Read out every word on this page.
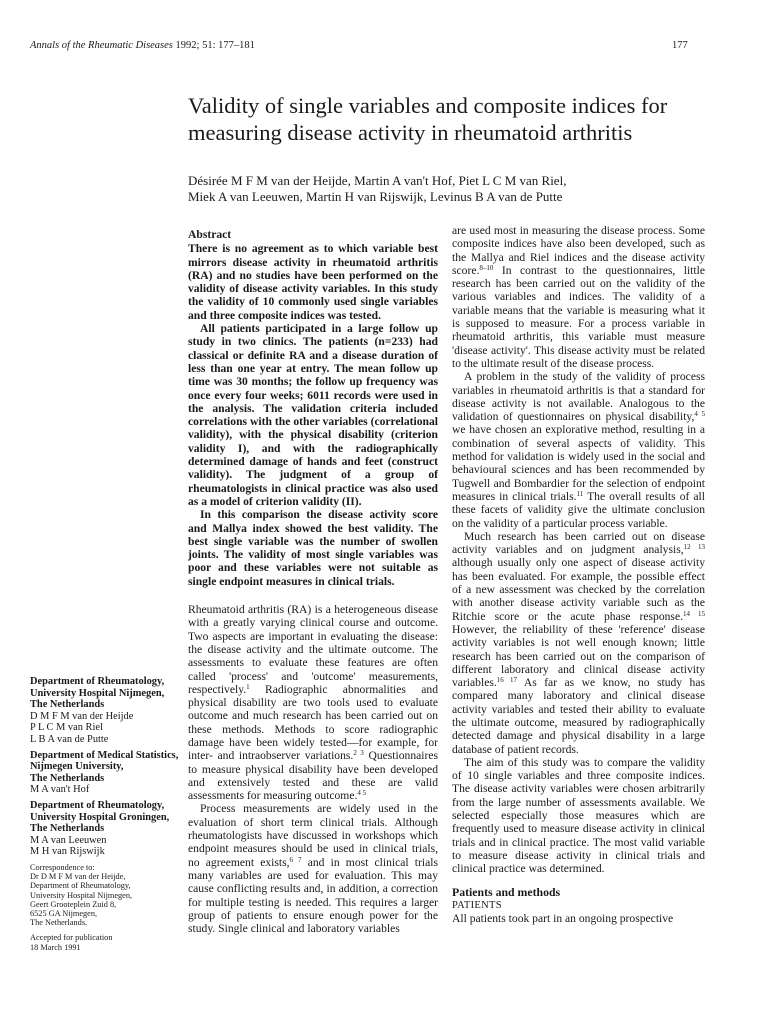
Annals of the Rheumatic Diseases 1992; 51: 177–181	177
Validity of single variables and composite indices for measuring disease activity in rheumatoid arthritis
Désirée M F M van der Heijde, Martin A van't Hof, Piet L C M van Riel,
Miek A van Leeuwen, Martin H van Rijswijk, Levinus B A van de Putte
Abstract

There is no agreement as to which variable best mirrors disease activity in rheumatoid arthritis (RA) and no studies have been performed on the validity of disease activity variables. In this study the validity of 10 commonly used single variables and three composite indices was tested.

All patients participated in a large follow up study in two clinics. The patients (n=233) had classical or definite RA and a disease duration of less than one year at entry. The mean follow up time was 30 months; the follow up frequency was once every four weeks; 6011 records were used in the analysis. The validation criteria included correlations with the other variables (correlational validity), with the physical disability (criterion validity I), and with the radiographically determined damage of hands and feet (construct validity). The judgment of a group of rheumatologists in clinical practice was also used as a model of criterion validity (II).

In this comparison the disease activity score and Mallya index showed the best validity. The best single variable was the number of swollen joints. The validity of most single variables was poor and these variables were not suitable as single endpoint measures in clinical trials.

Rheumatoid arthritis (RA) is a heterogeneous disease with a greatly varying clinical course and outcome. Two aspects are important in evaluating the disease: the disease activity and the ultimate outcome. The assessments to evaluate these features are often called 'process' and 'outcome' measurements, respectively.$^1$ Radiographic abnormalities and physical disability are two tools used to evaluate outcome and much research has been carried out on these methods. Methods to score radiographic damage have been widely tested—for example, for inter- and intraobserver variations.$^{2 3}$ Questionnaires to measure physical disability have been developed and extensively tested and these are valid assessments for measuring outcome.$^{4 5}$

Process measurements are widely used in the evaluation of short term clinical trials. Although rheumatologists have discussed in workshops which endpoint measures should be used in clinical trials, no agreement exists,$^{6 7}$ and in most clinical trials many variables are used for evaluation. This may cause conflicting results and, in addition, a correction for multiple testing is needed. This requires a larger group of patients to ensure enough power for the study. Single clinical and laboratory variables

are used most in measuring the disease process. Some composite indices have also been developed, such as the Mallya and Riel indices and the disease activity score.$^{8-10}$ In contrast to the questionnaires, little research has been carried out on the validity of the various variables and indices. The validity of a variable means that the variable is measuring what it is supposed to measure. For a process variable in rheumatoid arthritis, this variable must measure 'disease activity'. This disease activity must be related to the ultimate result of the disease process.

A problem in the study of the validity of process variables in rheumatoid arthritis is that a standard for disease activity is not available. Analogous to the validation of questionnaires on physical disability,$^{4 5}$ we have chosen an explorative method, resulting in a combination of several aspects of validity. This method for validation is widely used in the social and behavioural sciences and has been recommended by Tugwell and Bombardier for the selection of endpoint measures in clinical trials.$^{11}$ The overall results of all these facets of validity give the ultimate conclusion on the validity of a particular process variable.

Much research has been carried out on disease activity variables and on judgment analysis,$^{12 13}$ although usually only one aspect of disease activity has been evaluated. For example, the possible effect of a new assessment was checked by the correlation with another disease activity variable such as the Ritchie score or the acute phase response.$^{14 15}$ However, the reliability of these 'reference' disease activity variables is not well enough known; little research has been carried out on the comparison of different laboratory and clinical disease activity variables.$^{16 17}$ As far as we know, no study has compared many laboratory and clinical disease activity variables and tested their ability to evaluate the ultimate outcome, measured by radiographically detected damage and physical disability in a large database of patient records.

The aim of this study was to compare the validity of 10 single variables and three composite indices. The disease activity variables were chosen arbitrarily from the large number of assessments available. We selected especially those measures which are frequently used to measure disease activity in clinical trials and in clinical practice. The most valid variable to measure disease activity in clinical trials and clinical practice was determined.

Patients and methods
PATIENTS

All patients took part in an ongoing prospective

Department of Rheumatology,
University Hospital Nijmegen,
The Netherlands
D M F M van der Heijde
P L C M van Riel
L B A van de Putte
Department of Medical Statistics,
Nijmegen University,
The Netherlands
M A van't Hof
Department of Rheumatology,
University Hospital Groningen,
The Netherlands
M A van Leeuwen
M H van Rijswijk
Correspondence to:
Dr D M F M van der Heijde,
Department of Rheumatology,
University Hospital Nijmegen,
Geert Grooteplein Zuid 8,
6525 GA Nijmegen,
The Netherlands.
Accepted for publication
18 March 1991
